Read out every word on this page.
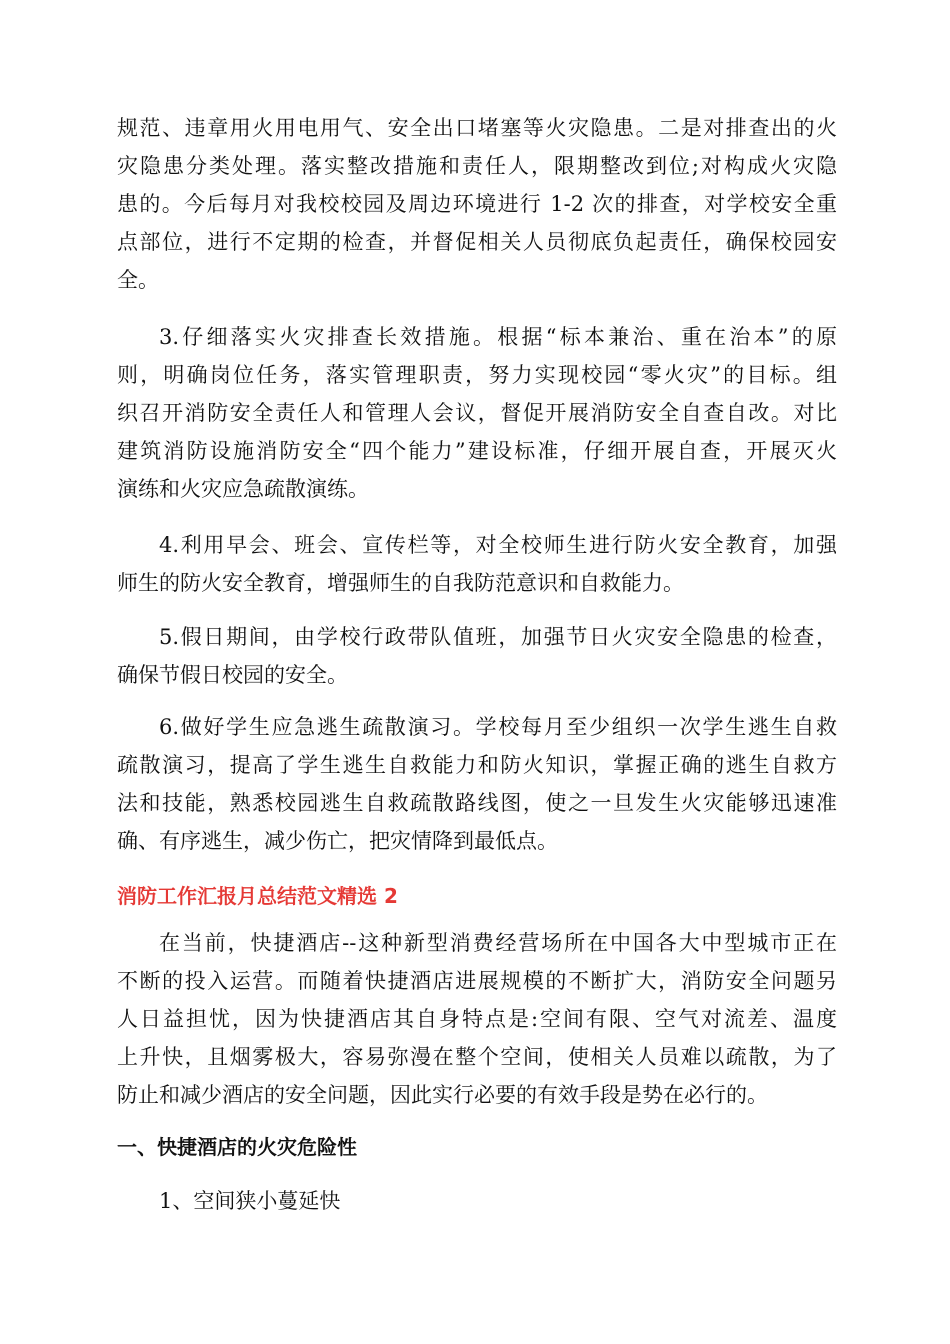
规范、违章用火用电用气、安全出口堵塞等火灾隐患。二是对排查出的火
灾隐患分类处理。落实整改措施和责任人，限期整改到位;对构成火灾隐
患的。今后每月对我校校园及周边环境进行 1-2 次的排查，对学校安全重
点部位，进行不定期的检查，并督促相关人员彻底负起责任，确保校园安
全。
3.仔细落实火灾排查长效措施。根据“标本兼治、重在治本”的原
则，明确岗位任务，落实管理职责，努力实现校园“零火灾”的目标。组
织召开消防安全责任人和管理人会议，督促开展消防安全自查自改。对比
建筑消防设施消防安全“四个能力”建设标准，仔细开展自查，开展灭火
演练和火灾应急疏散演练。
4.利用早会、班会、宣传栏等，对全校师生进行防火安全教育，加强
师生的防火安全教育，增强师生的自我防范意识和自救能力。
5.假日期间，由学校行政带队值班，加强节日火灾安全隐患的检查，
确保节假日校园的安全。
6.做好学生应急逃生疏散演习。学校每月至少组织一次学生逃生自救
疏散演习，提高了学生逃生自救能力和防火知识，掌握正确的逃生自救方
法和技能，熟悉校园逃生自救疏散路线图，使之一旦发生火灾能够迅速准
确、有序逃生，减少伤亡，把灾情降到最低点。
消防工作汇报月总结范文精选 2
在当前，快捷酒店--这种新型消费经营场所在中国各大中型城市正在
不断的投入运营。而随着快捷酒店进展规模的不断扩大，消防安全问题另
人日益担忧，因为快捷酒店其自身特点是:空间有限、空气对流差、温度
上升快，且烟雾极大，容易弥漫在整个空间，使相关人员难以疏散，为了
防止和减少酒店的安全问题，因此实行必要的有效手段是势在必行的。
一、快捷酒店的火灾危险性
1、空间狭小蔓延快
